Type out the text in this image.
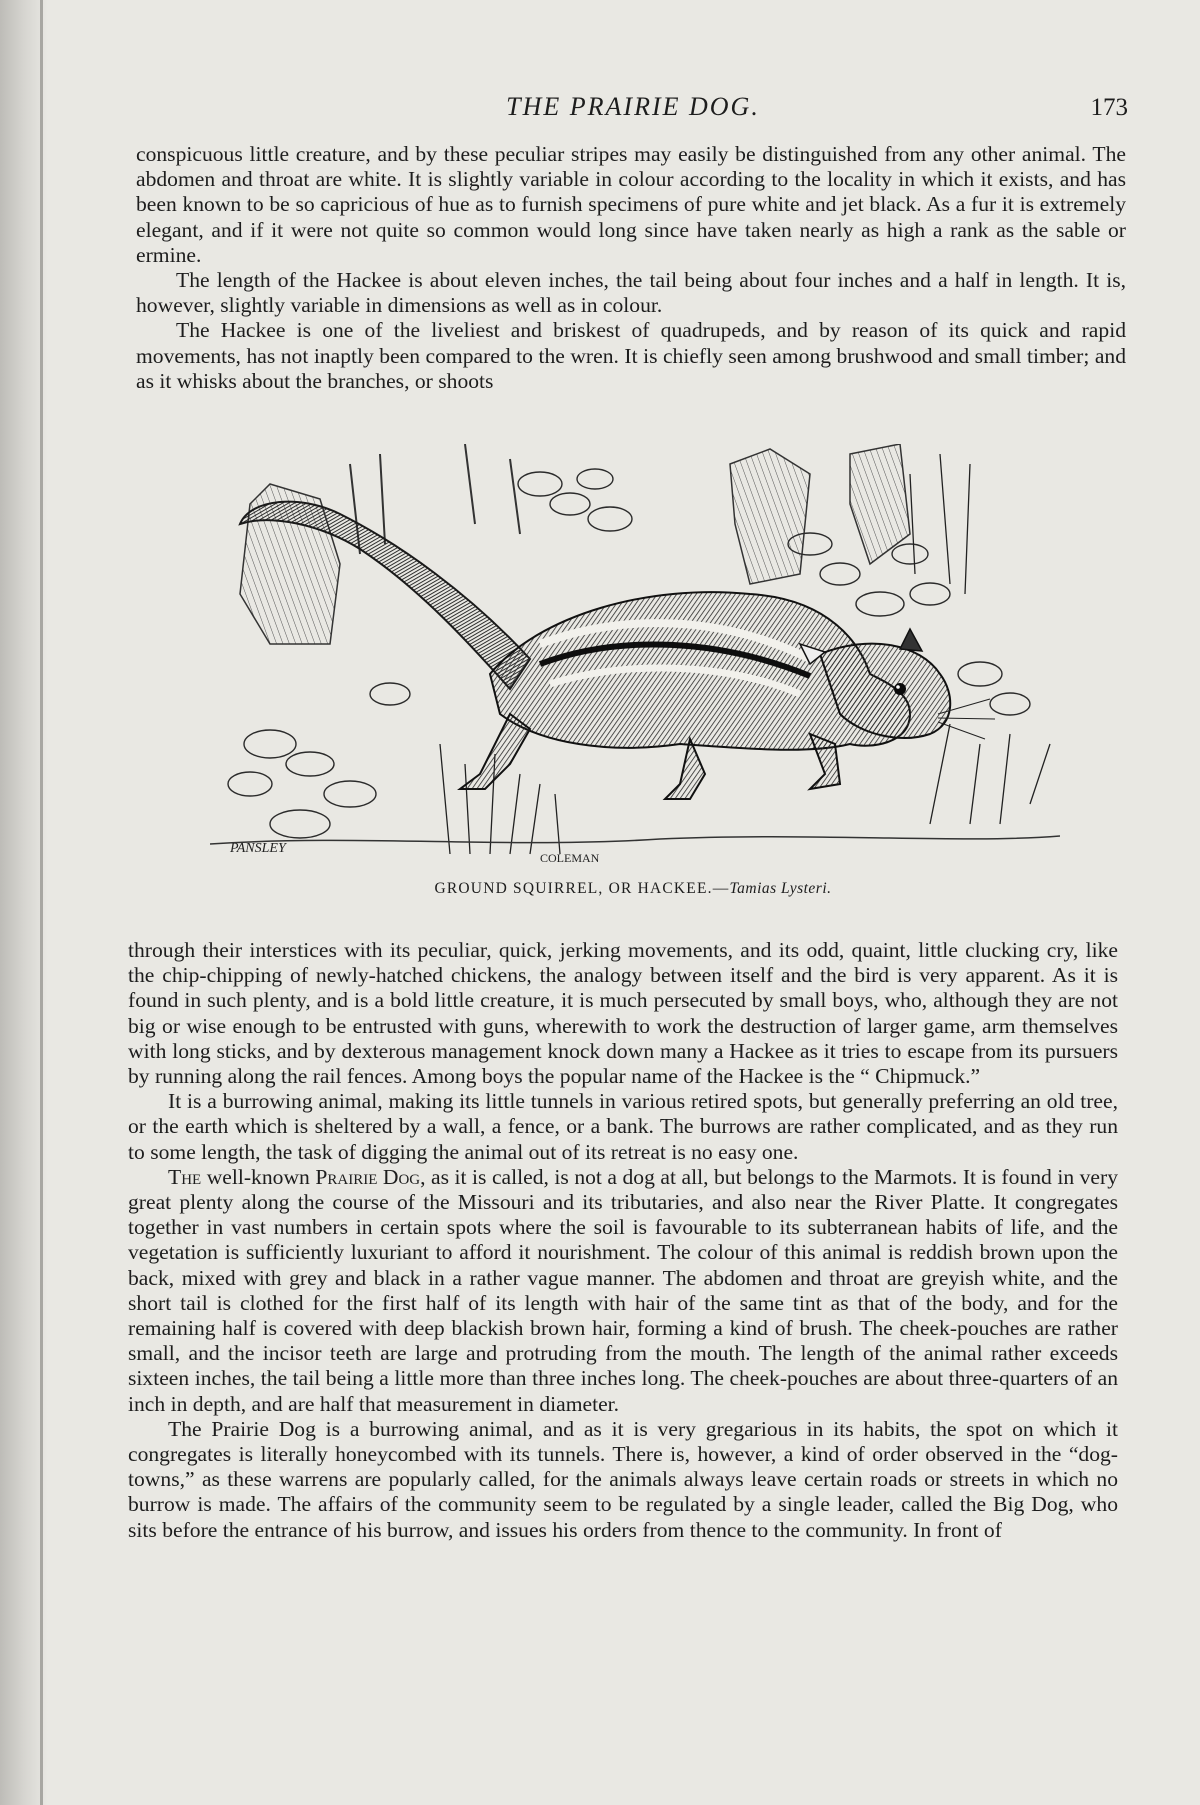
THE PRAIRIE DOG.	173

conspicuous little creature, and by these peculiar stripes may easily be distinguished from any other animal. The abdomen and throat are white. It is slightly variable in colour according to the locality in which it exists, and has been known to be so capricious of hue as to furnish specimens of pure white and jet black. As a fur it is extremely elegant, and if it were not quite so common would long since have taken nearly as high a rank as the sable or ermine.

The length of the Hackee is about eleven inches, the tail being about four inches and a half in length. It is, however, slightly variable in dimensions as well as in colour.

The Hackee is one of the liveliest and briskest of quadrupeds, and by reason of its quick and rapid movements, has not inaptly been compared to the wren. It is chiefly seen among brushwood and small timber; and as it whisks about the branches, or shoots

PANSLEY
COLEMAN
GROUND SQUIRREL, OR HACKEE.—Tamias Lysteri.

through their interstices with its peculiar, quick, jerking movements, and its odd, quaint, little clucking cry, like the chip-chipping of newly-hatched chickens, the analogy between itself and the bird is very apparent. As it is found in such plenty, and is a bold little creature, it is much persecuted by small boys, who, although they are not big or wise enough to be entrusted with guns, wherewith to work the destruction of larger game, arm themselves with long sticks, and by dexterous management knock down many a Hackee as it tries to escape from its pursuers by running along the rail fences. Among boys the popular name of the Hackee is the “ Chipmuck.”

It is a burrowing animal, making its little tunnels in various retired spots, but generally preferring an old tree, or the earth which is sheltered by a wall, a fence, or a bank. The burrows are rather complicated, and as they run to some length, the task of digging the animal out of its retreat is no easy one.

The well-known Prairie Dog, as it is called, is not a dog at all, but belongs to the Marmots. It is found in very great plenty along the course of the Missouri and its tributaries, and also near the River Platte. It congregates together in vast numbers in certain spots where the soil is favourable to its subterranean habits of life, and the vegetation is sufficiently luxuriant to afford it nourishment. The colour of this animal is reddish brown upon the back, mixed with grey and black in a rather vague manner. The abdomen and throat are greyish white, and the short tail is clothed for the first half of its length with hair of the same tint as that of the body, and for the remaining half is covered with deep blackish brown hair, forming a kind of brush. The cheek-pouches are rather small, and the incisor teeth are large and protruding from the mouth. The length of the animal rather exceeds sixteen inches, the tail being a little more than three inches long. The cheek-pouches are about three-quarters of an inch in depth, and are half that measurement in diameter.

The Prairie Dog is a burrowing animal, and as it is very gregarious in its habits, the spot on which it congregates is literally honeycombed with its tunnels. There is, however, a kind of order observed in the “dog-towns,” as these warrens are popularly called, for the animals always leave certain roads or streets in which no burrow is made. The affairs of the community seem to be regulated by a single leader, called the Big Dog, who sits before the entrance of his burrow, and issues his orders from thence to the community. In front of
